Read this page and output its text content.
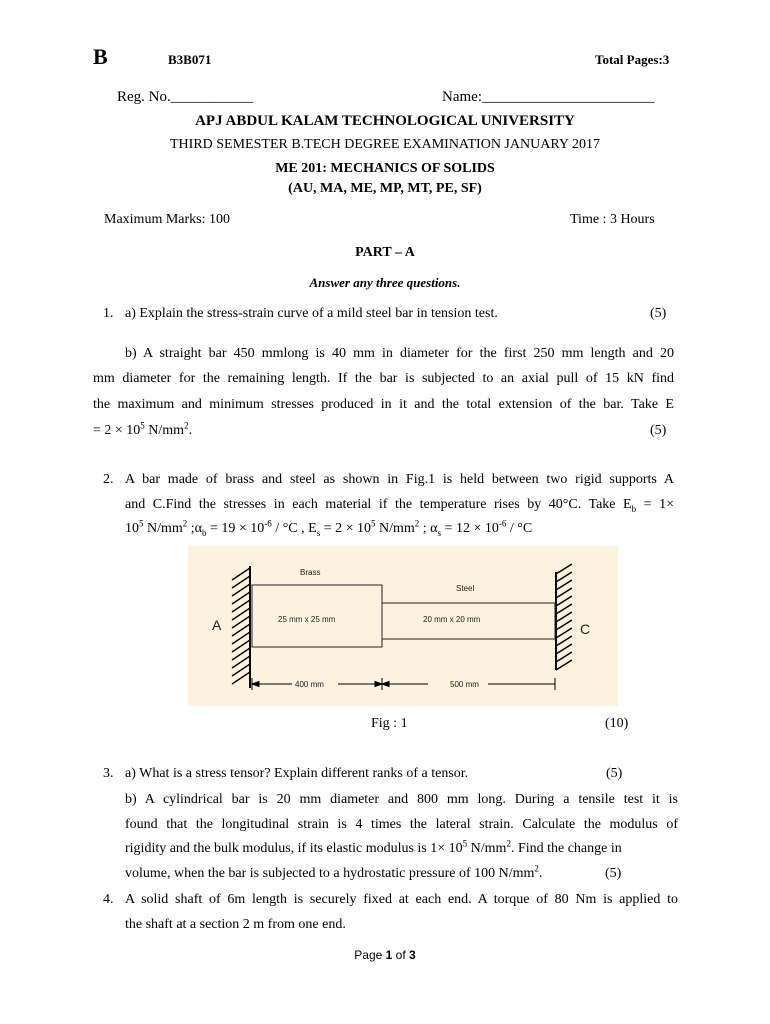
B	B3B071	Total Pages:3
Reg. No.___________	Name:_______________________
APJ ABDUL KALAM TECHNOLOGICAL UNIVERSITY
THIRD SEMESTER B.TECH DEGREE EXAMINATION JANUARY 2017
ME 201: MECHANICS OF SOLIDS
(AU, MA, ME, MP, MT, PE, SF)
Maximum Marks: 100	Time : 3 Hours
PART – A
Answer any three questions.
1. a) Explain the stress-strain curve of a mild steel bar in tension test.	(5)
b) A straight bar 450 mmlong is 40 mm in diameter for the first 250 mm length and 20
mm diameter for the remaining length. If the bar is subjected to an axial pull of 15 kN find
the maximum and minimum stresses produced in it and the total extension of the bar. Take E
= $2 \times 10^5$ $N/mm^2$.	(5)
2. A bar made of brass and steel as shown in Fig.1 is held between two rigid supports A
and C.Find the stresses in each material if the temperature rises by 40°C. Take $E_b = 1\times$
$10^5$ $N/mm^2$ $;\alpha_b = 19 \times 10^{-6} / ^\circ C$ , $E_s = 2 \times 10^5$ $N/mm^2$ ; $\alpha_s = 12 \times 10^{-6} / ^\circ C$
Brass
Steel
25 mm x 25 mm	20 mm x 20 mm
A	C
400 mm	500 mm
Fig : 1	(10)
3. a) What is a stress tensor? Explain different ranks of a tensor.	(5)
b) A cylindrical bar is 20 mm diameter and 800 mm long. During a tensile test it is
found that the longitudinal strain is 4 times the lateral strain. Calculate the modulus of
rigidity and the bulk modulus, if its elastic modulus is $1\times 10^5$ $N/mm^2$. Find the change in
volume, when the bar is subjected to a hydrostatic pressure of 100 $N/mm^2$.	(5)
4. A solid shaft of 6m length is securely fixed at each end. A torque of 80 Nm is applied to
the shaft at a section 2 m from one end.
Page 1 of 3
